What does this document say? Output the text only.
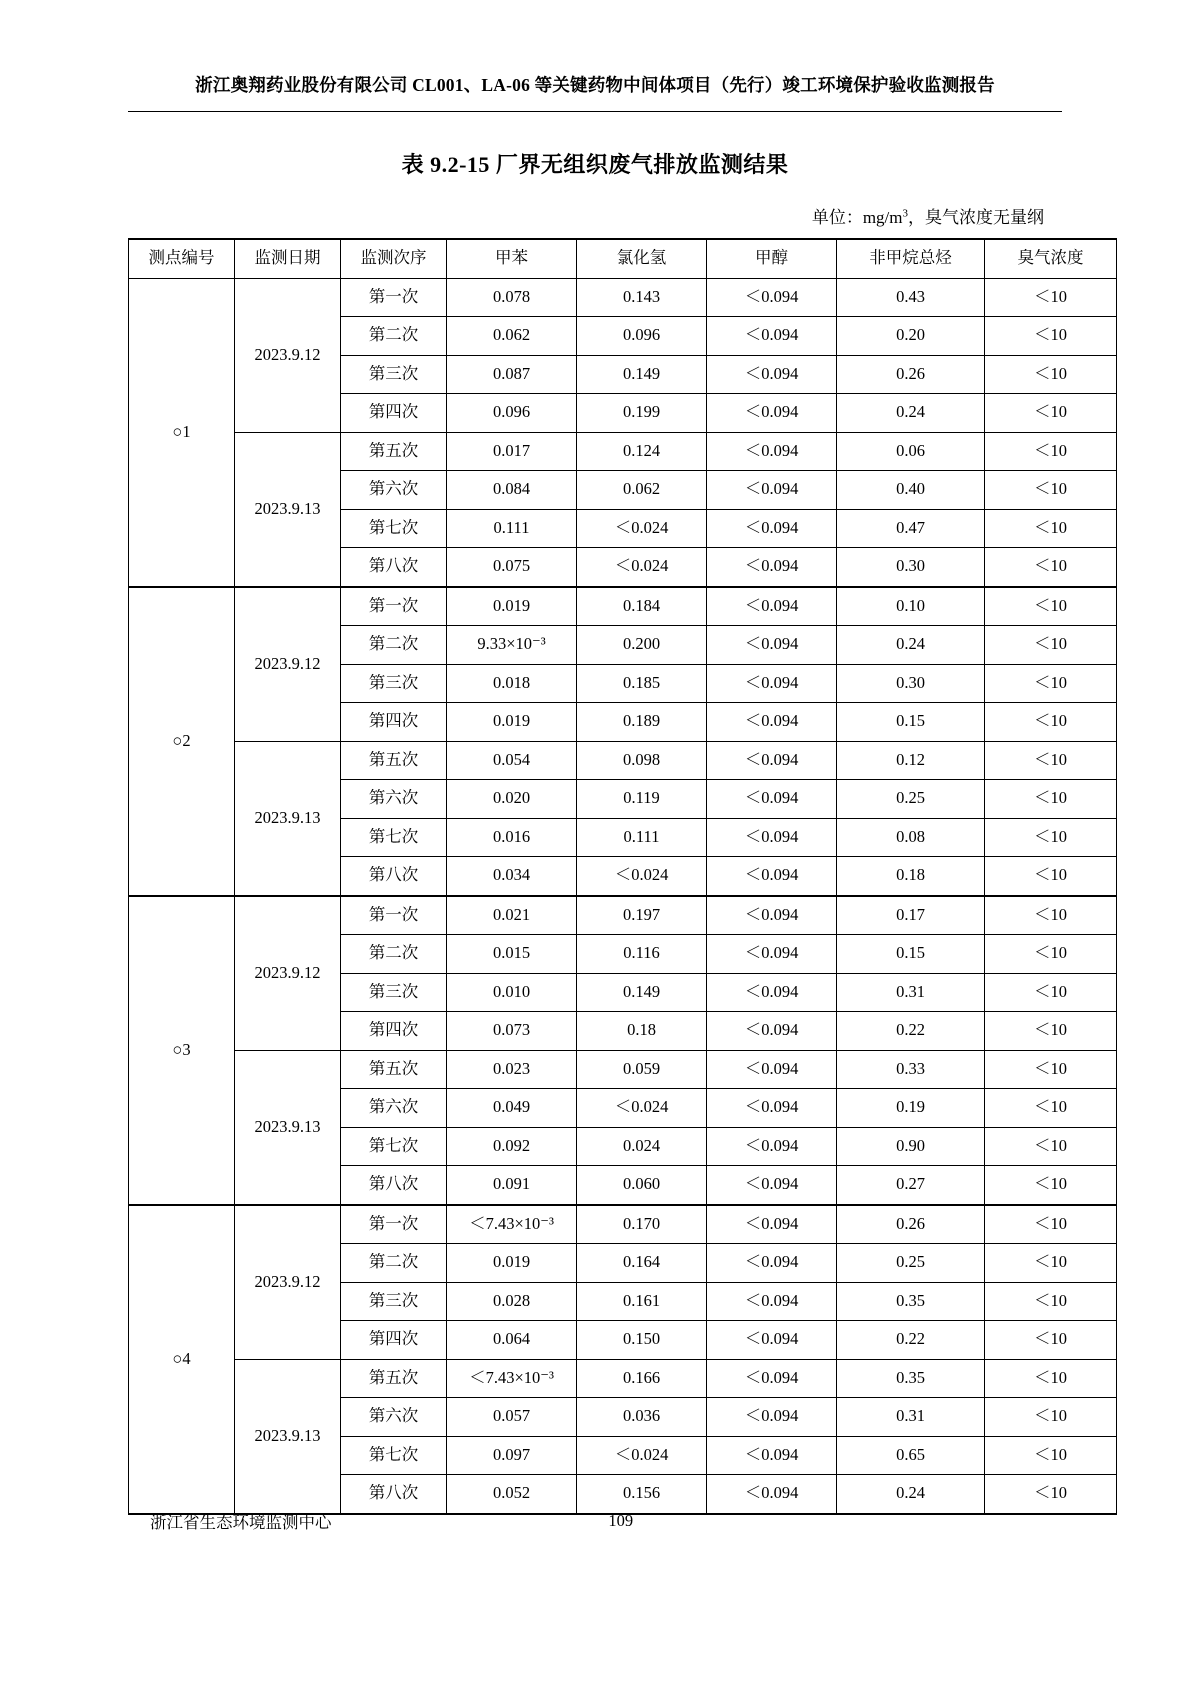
浙江奥翔药业股份有限公司 CL001、LA-06 等关键药物中间体项目（先行）竣工环境保护验收监测报告
表 9.2-15 厂界无组织废气排放监测结果
单位：$mg/m^3$，臭气浓度无量纲
测点编号	监测日期	监测次序	甲苯	氯化氢	甲醇	非甲烷总烃	臭气浓度
○1	2023.9.12	第一次	0.078	0.143	＜0.094	0.43	＜10
		第二次	0.062	0.096	＜0.094	0.20	＜10
		第三次	0.087	0.149	＜0.094	0.26	＜10
		第四次	0.096	0.199	＜0.094	0.24	＜10
	2023.9.13	第五次	0.017	0.124	＜0.094	0.06	＜10
		第六次	0.084	0.062	＜0.094	0.40	＜10
		第七次	0.111	＜0.024	＜0.094	0.47	＜10
		第八次	0.075	＜0.024	＜0.094	0.30	＜10
○2	2023.9.12	第一次	0.019	0.184	＜0.094	0.10	＜10
		第二次	9.33×10⁻³	0.200	＜0.094	0.24	＜10
		第三次	0.018	0.185	＜0.094	0.30	＜10
		第四次	0.019	0.189	＜0.094	0.15	＜10
	2023.9.13	第五次	0.054	0.098	＜0.094	0.12	＜10
		第六次	0.020	0.119	＜0.094	0.25	＜10
		第七次	0.016	0.111	＜0.094	0.08	＜10
		第八次	0.034	＜0.024	＜0.094	0.18	＜10
○3	2023.9.12	第一次	0.021	0.197	＜0.094	0.17	＜10
		第二次	0.015	0.116	＜0.094	0.15	＜10
		第三次	0.010	0.149	＜0.094	0.31	＜10
		第四次	0.073	0.18	＜0.094	0.22	＜10
	2023.9.13	第五次	0.023	0.059	＜0.094	0.33	＜10
		第六次	0.049	＜0.024	＜0.094	0.19	＜10
		第七次	0.092	0.024	＜0.094	0.90	＜10
		第八次	0.091	0.060	＜0.094	0.27	＜10
○4	2023.9.12	第一次	＜7.43×10⁻³	0.170	＜0.094	0.26	＜10
		第二次	0.019	0.164	＜0.094	0.25	＜10
		第三次	0.028	0.161	＜0.094	0.35	＜10
		第四次	0.064	0.150	＜0.094	0.22	＜10
	2023.9.13	第五次	＜7.43×10⁻³	0.166	＜0.094	0.35	＜10
		第六次	0.057	0.036	＜0.094	0.31	＜10
		第七次	0.097	＜0.024	＜0.094	0.65	＜10
		第八次	0.052	0.156	＜0.094	0.24	＜10
浙江省生态环境监测中心	109
